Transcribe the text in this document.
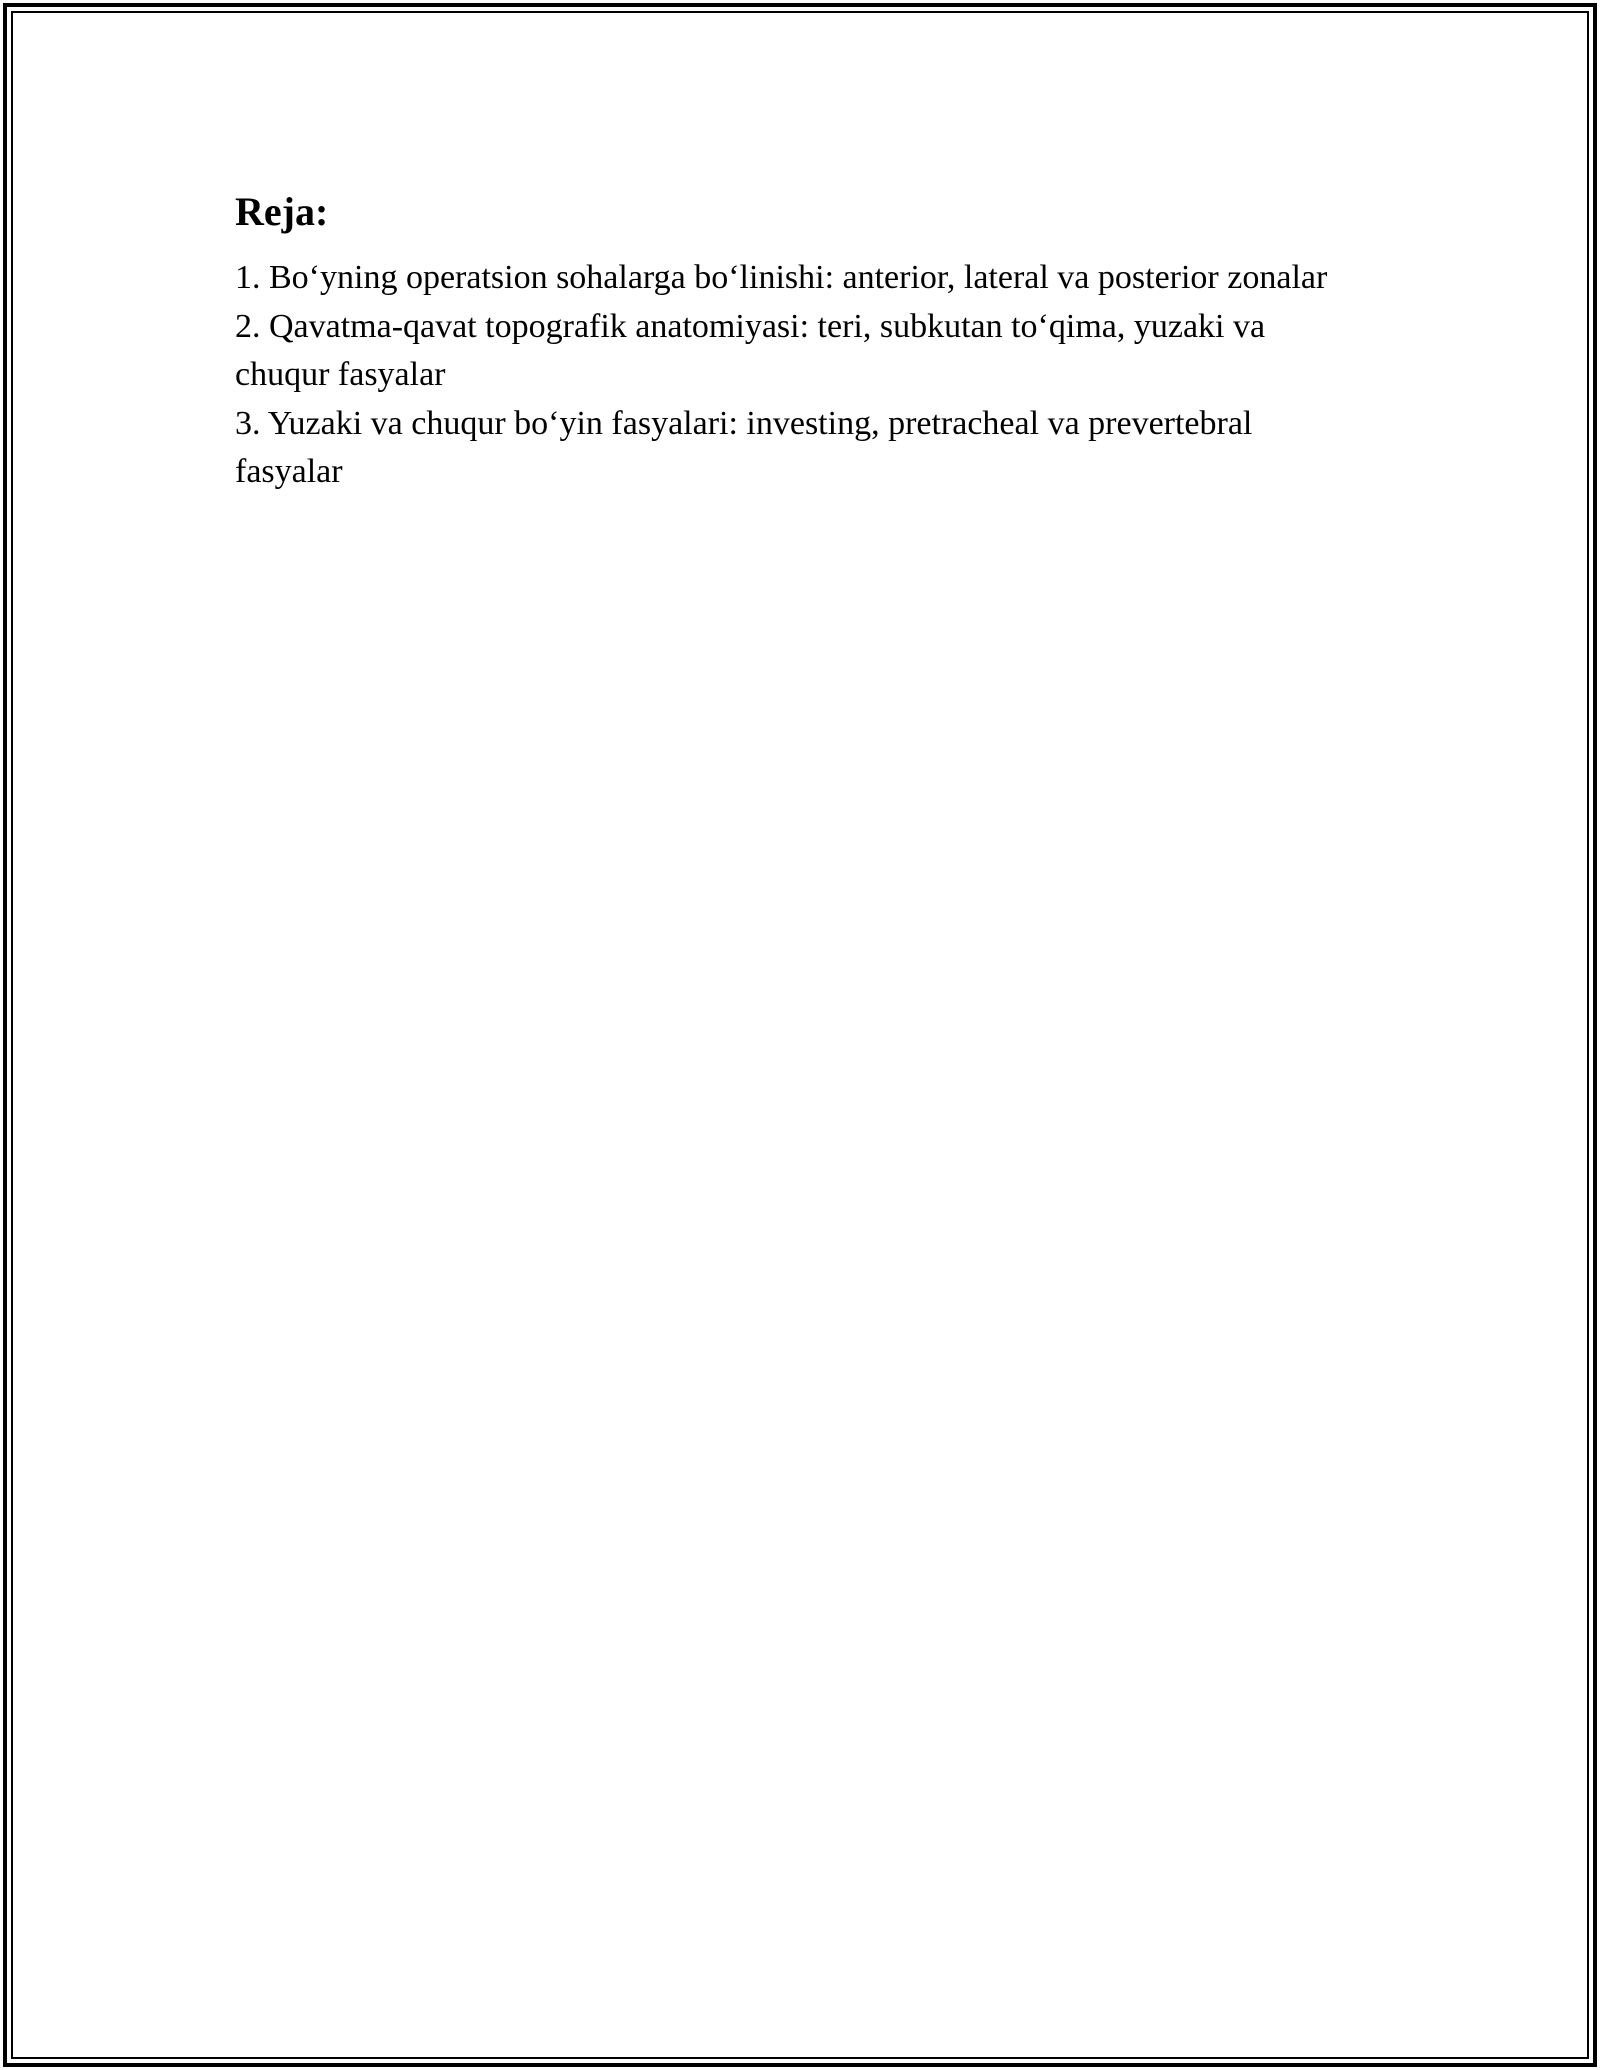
Reja:
1. Bo‘yning operatsion sohalarga bo‘linishi: anterior, lateral va posterior zonalar
2. Qavatma-qavat topografik anatomiyasi: teri, subkutan to‘qima, yuzaki va chuqur fasyalar
3. Yuzaki va chuqur bo‘yin fasyalari: investing, pretracheal va prevertebral fasyalar
